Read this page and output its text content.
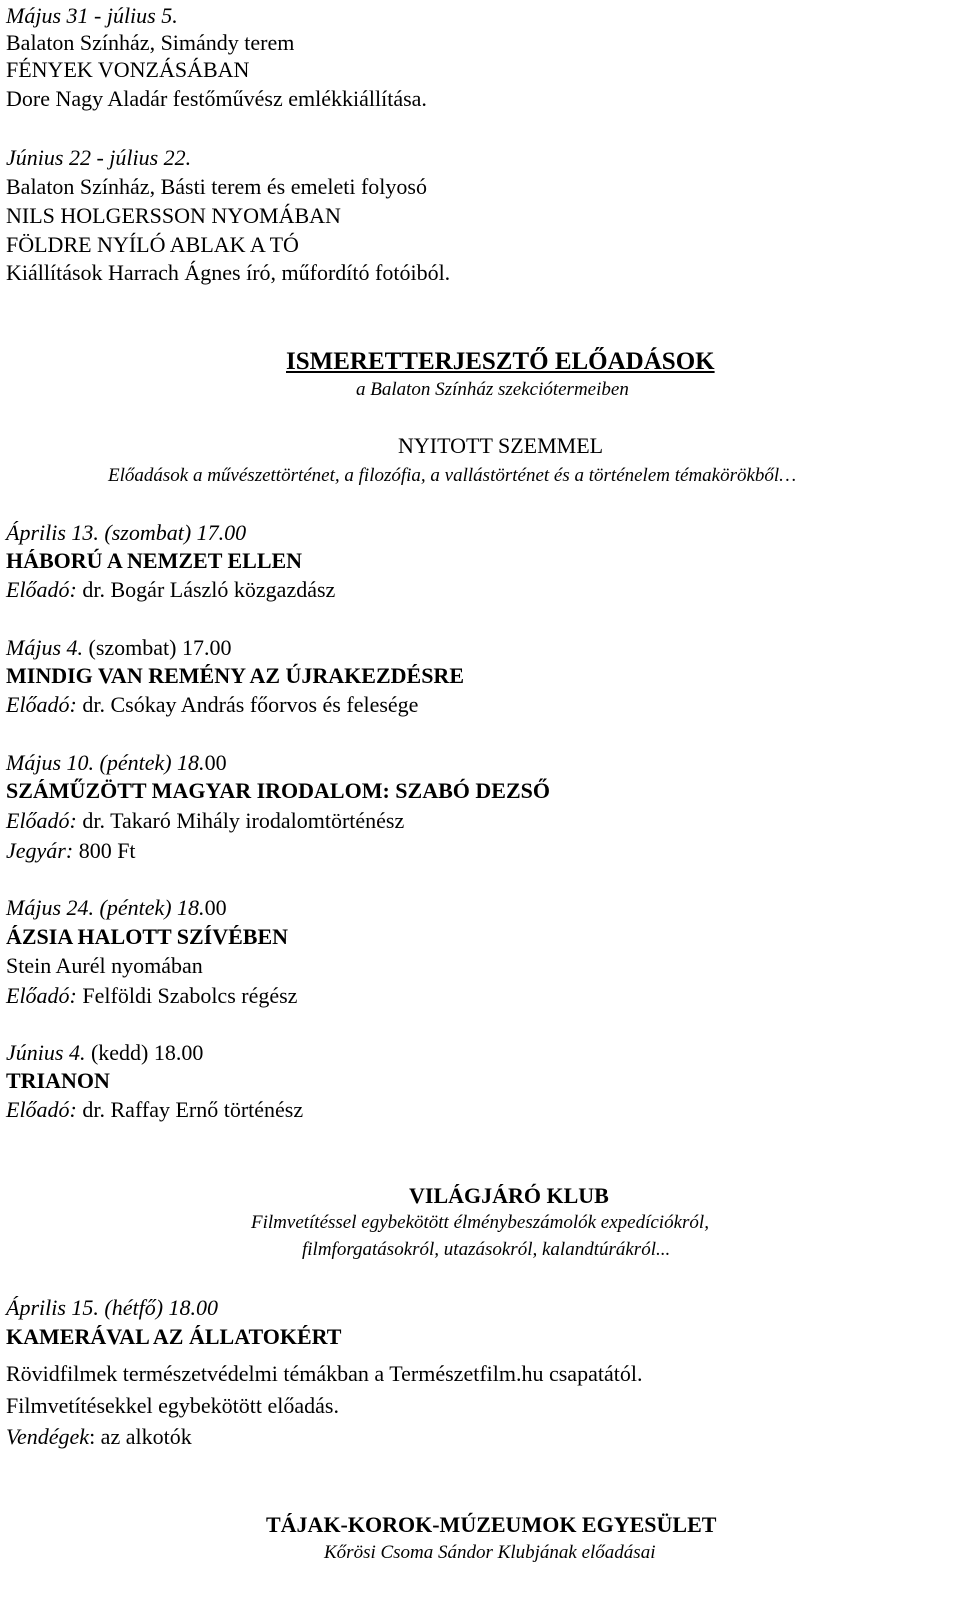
Május 31 - július 5.
Balaton Színház, Simándy terem
FÉNYEK VONZÁSÁBAN
Dore Nagy Aladár festőművész emlékkiállítása.
Június 22 - július 22.
Balaton Színház, Básti terem és emeleti folyosó
NILS HOLGERSSON NYOMÁBAN
FÖLDRE NYÍLÓ ABLAK A TÓ
Kiállítások Harrach Ágnes író, műfordító fotóiból.
ISMERETTERJESZTŐ ELŐADÁSOK
a Balaton Színház szekciótermeiben
NYITOTT SZEMMEL
Előadások a művészettörténet, a filozófia, a vallástörténet és a történelem témakörökből…
Április 13. (szombat) 17.00
HÁBORÚ A NEMZET ELLEN
Előadó: dr. Bogár László közgazdász
Május 4. (szombat) 17.00
MINDIG VAN REMÉNY AZ ÚJRAKEZDÉSRE
Előadó: dr. Csókay András főorvos és felesége
Május 10. (péntek) 18.00
SZÁMŰZÖTT MAGYAR IRODALOM: SZABÓ DEZSŐ
Előadó: dr. Takaró Mihály irodalomtörténész
Jegyár: 800 Ft
Május 24. (péntek) 18.00
ÁZSIA HALOTT SZÍVÉBEN
Stein Aurél nyomában
Előadó: Felföldi Szabolcs régész
Június 4. (kedd) 18.00
TRIANON
Előadó: dr. Raffay Ernő történész
VILÁGJÁRÓ KLUB
Filmvetítéssel egybekötött élménybeszámolók expedíciókról,
filmforgatásokról, utazásokról, kalandtúrákról...
Április 15. (hétfő) 18.00
KAMERÁVAL AZ ÁLLATOKÉRT
Rövidfilmek természetvédelmi témákban a Természetfilm.hu csapatától.
Filmvetítésekkel egybekötött előadás.
Vendégek: az alkotók
TÁJAK-KOROK-MÚZEUMOK EGYESÜLET
Kőrösi Csoma Sándor Klubjának előadásai
